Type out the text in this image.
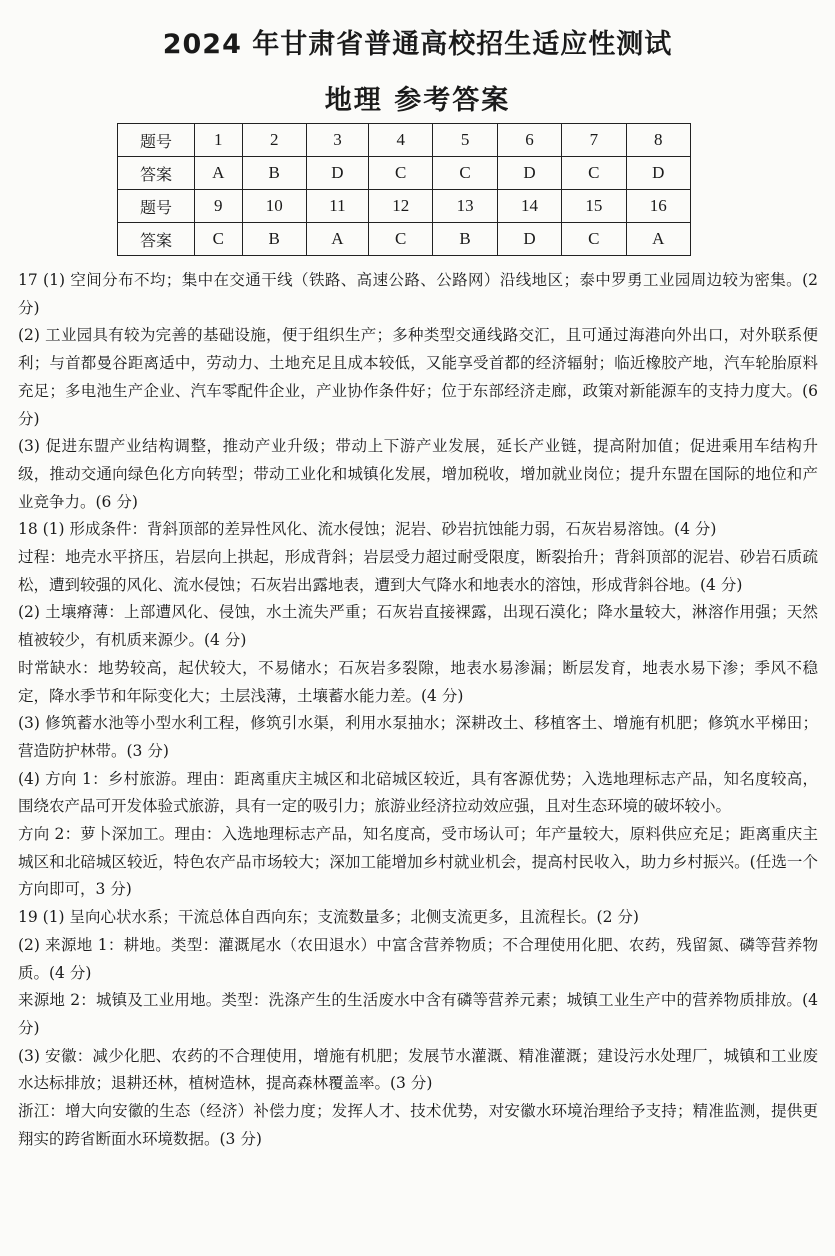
2024 年甘肃省普通高校招生适应性测试
地理 参考答案
题号	1	2	3	4	5	6	7	8
答案	A	B	D	C	C	D	C	D
题号	9	10	11	12	13	14	15	16
答案	C	B	A	C	B	D	C	A

17 (1) 空间分布不均；集中在交通干线（铁路、高速公路、公路网）沿线地区；泰中罗勇工业园周边较为密集。(2 分)

(2) 工业园具有较为完善的基础设施，便于组织生产；多种类型交通线路交汇，且可通过海港向外出口，对外联系便利；与首都曼谷距离适中，劳动力、土地充足且成本较低，又能享受首都的经济辐射；临近橡胶产地，汽车轮胎原料充足；多电池生产企业、汽车零配件企业，产业协作条件好；位于东部经济走廊，政策对新能源车的支持力度大。(6 分)

(3) 促进东盟产业结构调整，推动产业升级；带动上下游产业发展，延长产业链，提高附加值；促进乘用车结构升级，推动交通向绿色化方向转型；带动工业化和城镇化发展，增加税收，增加就业岗位；提升东盟在国际的地位和产业竞争力。(6 分)

18 (1) 形成条件：背斜顶部的差异性风化、流水侵蚀；泥岩、砂岩抗蚀能力弱，石灰岩易溶蚀。(4 分)

过程：地壳水平挤压，岩层向上拱起，形成背斜；岩层受力超过耐受限度，断裂抬升；背斜顶部的泥岩、砂岩石质疏松，遭到较强的风化、流水侵蚀；石灰岩出露地表，遭到大气降水和地表水的溶蚀，形成背斜谷地。(4 分)

(2) 土壤瘠薄：上部遭风化、侵蚀，水土流失严重；石灰岩直接裸露，出现石漠化；降水量较大，淋溶作用强；天然植被较少，有机质来源少。(4 分)

时常缺水：地势较高，起伏较大，不易储水；石灰岩多裂隙，地表水易渗漏；断层发育，地表水易下渗；季风不稳定，降水季节和年际变化大；土层浅薄，土壤蓄水能力差。(4 分)

(3) 修筑蓄水池等小型水利工程，修筑引水渠，利用水泵抽水；深耕改土、移植客土、增施有机肥；修筑水平梯田；营造防护林带。(3 分)

(4) 方向 1：乡村旅游。理由：距离重庆主城区和北碚城区较近，具有客源优势；入选地理标志产品，知名度较高，围绕农产品可开发体验式旅游，具有一定的吸引力；旅游业经济拉动效应强，且对生态环境的破坏较小。

方向 2：萝卜深加工。理由：入选地理标志产品，知名度高，受市场认可；年产量较大，原料供应充足；距离重庆主城区和北碚城区较近，特色农产品市场较大；深加工能增加乡村就业机会，提高村民收入，助力乡村振兴。(任选一个方向即可，3 分)

19 (1) 呈向心状水系；干流总体自西向东；支流数量多；北侧支流更多，且流程长。(2 分)

(2) 来源地 1：耕地。类型：灌溉尾水（农田退水）中富含营养物质；不合理使用化肥、农药，残留氮、磷等营养物质。(4 分)

来源地 2：城镇及工业用地。类型：洗涤产生的生活废水中含有磷等营养元素；城镇工业生产中的营养物质排放。(4 分)

(3) 安徽：减少化肥、农药的不合理使用，增施有机肥；发展节水灌溉、精准灌溉；建设污水处理厂，城镇和工业废水达标排放；退耕还林，植树造林，提高森林覆盖率。(3 分)

浙江：增大向安徽的生态（经济）补偿力度；发挥人才、技术优势，对安徽水环境治理给予支持；精准监测，提供更翔实的跨省断面水环境数据。(3 分)
